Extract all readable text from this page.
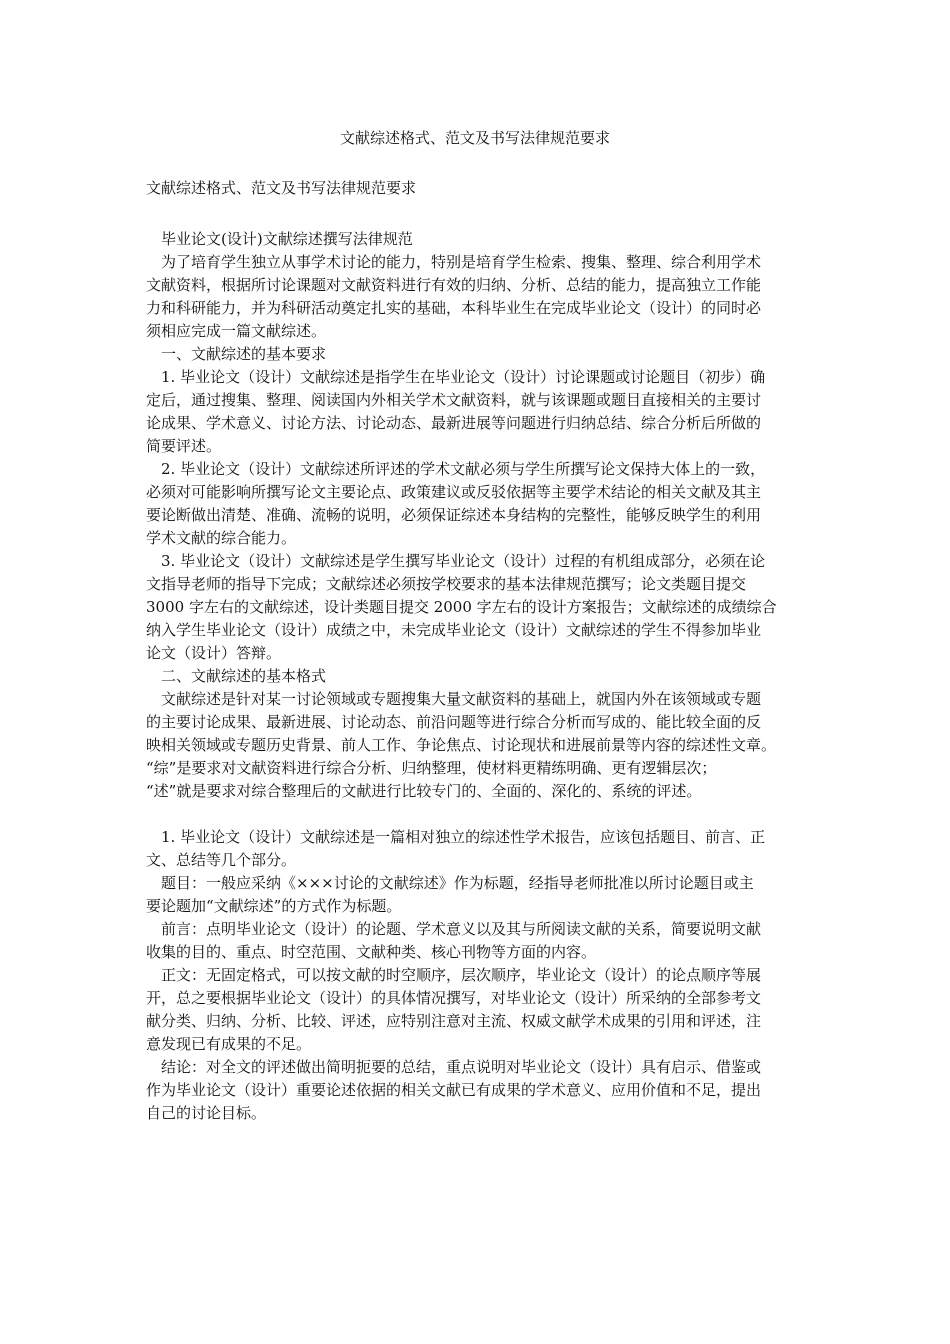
文献综述格式、范文及书写法律规范要求
文献综述格式、范文及书写法律规范要求
毕业论文(设计)文献综述撰写法律规范
为了培育学生独立从事学术讨论的能力，特别是培育学生检索、搜集、整理、综合利用学术
文献资料，根据所讨论课题对文献资料进行有效的归纳、分析、总结的能力，提高独立工作能
力和科研能力，并为科研活动奠定扎实的基础，本科毕业生在完成毕业论文（设计）的同时必
须相应完成一篇文献综述。
一、文献综述的基本要求
1. 毕业论文（设计）文献综述是指学生在毕业论文（设计）讨论课题或讨论题目（初步）确
定后，通过搜集、整理、阅读国内外相关学术文献资料，就与该课题或题目直接相关的主要讨
论成果、学术意义、讨论方法、讨论动态、最新进展等问题进行归纳总结、综合分析后所做的
简要评述。
2. 毕业论文（设计）文献综述所评述的学术文献必须与学生所撰写论文保持大体上的一致，
必须对可能影响所撰写论文主要论点、政策建议或反驳依据等主要学术结论的相关文献及其主
要论断做出清楚、准确、流畅的说明，必须保证综述本身结构的完整性，能够反映学生的利用
学术文献的综合能力。
3. 毕业论文（设计）文献综述是学生撰写毕业论文（设计）过程的有机组成部分，必须在论
文指导老师的指导下完成；文献综述必须按学校要求的基本法律规范撰写；论文类题目提交
3000 字左右的文献综述，设计类题目提交 2000 字左右的设计方案报告；文献综述的成绩综合
纳入学生毕业论文（设计）成绩之中，未完成毕业论文（设计）文献综述的学生不得参加毕业
论文（设计）答辩。
二、文献综述的基本格式
文献综述是针对某一讨论领域或专题搜集大量文献资料的基础上，就国内外在该领域或专题
的主要讨论成果、最新进展、讨论动态、前沿问题等进行综合分析而写成的、能比较全面的反
映相关领域或专题历史背景、前人工作、争论焦点、讨论现状和进展前景等内容的综述性文章。
“综”是要求对文献资料进行综合分析、归纳整理，使材料更精练明确、更有逻辑层次；
“述”就是要求对综合整理后的文献进行比较专门的、全面的、深化的、系统的评述。
1. 毕业论文（设计）文献综述是一篇相对独立的综述性学术报告，应该包括题目、前言、正
文、总结等几个部分。
题目：一般应采纳《×××讨论的文献综述》作为标题，经指导老师批准以所讨论题目或主
要论题加“文献综述”的方式作为标题。
前言：点明毕业论文（设计）的论题、学术意义以及其与所阅读文献的关系，简要说明文献
收集的目的、重点、时空范围、文献种类、核心刊物等方面的内容。
正文：无固定格式，可以按文献的时空顺序，层次顺序，毕业论文（设计）的论点顺序等展
开，总之要根据毕业论文（设计）的具体情况撰写，对毕业论文（设计）所采纳的全部参考文
献分类、归纳、分析、比较、评述，应特别注意对主流、权威文献学术成果的引用和评述，注
意发现已有成果的不足。
结论：对全文的评述做出简明扼要的总结，重点说明对毕业论文（设计）具有启示、借鉴或
作为毕业论文（设计）重要论述依据的相关文献已有成果的学术意义、应用价值和不足，提出
自己的讨论目标。
